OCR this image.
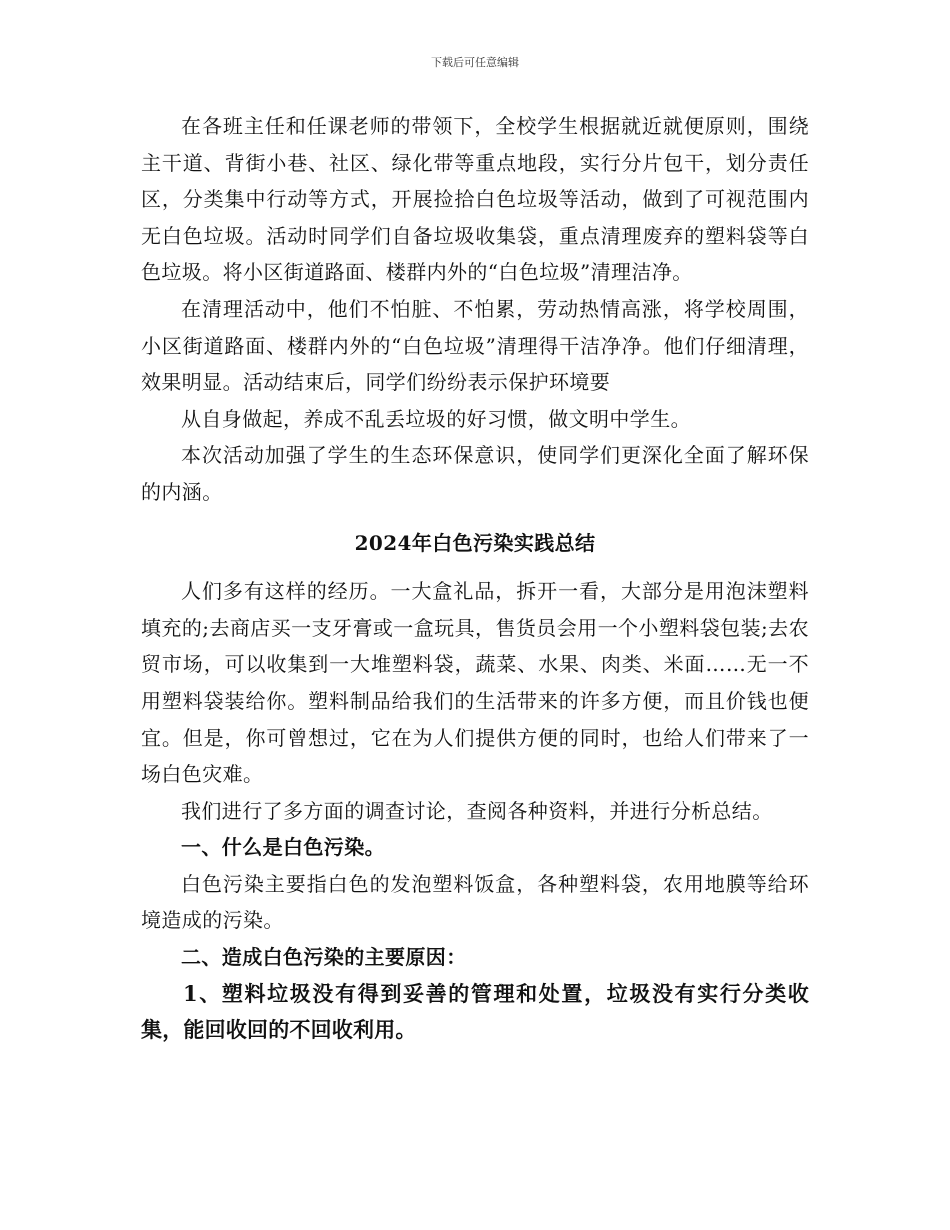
下载后可任意编辑

在各班主任和任课老师的带领下，全校学生根据就近就便原则，围绕主干道、背街小巷、社区、绿化带等重点地段，实行分片包干，划分责任区，分类集中行动等方式，开展捡拾白色垃圾等活动，做到了可视范围内无白色垃圾。活动时同学们自备垃圾收集袋，重点清理废弃的塑料袋等白色垃圾。将小区街道路面、楼群内外的“白色垃圾”清理洁净。

在清理活动中，他们不怕脏、不怕累，劳动热情高涨，将学校周围，小区街道路面、楼群内外的“白色垃圾”清理得干洁净净。他们仔细清理，效果明显。活动结束后，同学们纷纷表示保护环境要

从自身做起，养成不乱丢垃圾的好习惯，做文明中学生。

本次活动加强了学生的生态环保意识，使同学们更深化全面了解环保的内涵。

2024年白色污染实践总结

人们多有这样的经历。一大盒礼品，拆开一看，大部分是用泡沫塑料填充的;去商店买一支牙膏或一盒玩具，售货员会用一个小塑料袋包装;去农贸市场，可以收集到一大堆塑料袋，蔬菜、水果、肉类、米面……无一不用塑料袋装给你。塑料制品给我们的生活带来的许多方便，而且价钱也便宜。但是，你可曾想过，它在为人们提供方便的同时，也给人们带来了一场白色灾难。

我们进行了多方面的调查讨论，查阅各种资料，并进行分析总结。

一、什么是白色污染。

白色污染主要指白色的发泡塑料饭盒，各种塑料袋，农用地膜等给环境造成的污染。

二、造成白色污染的主要原因：

1、塑料垃圾没有得到妥善的管理和处置，垃圾没有实行分类收集，能回收回的不回收利用。
